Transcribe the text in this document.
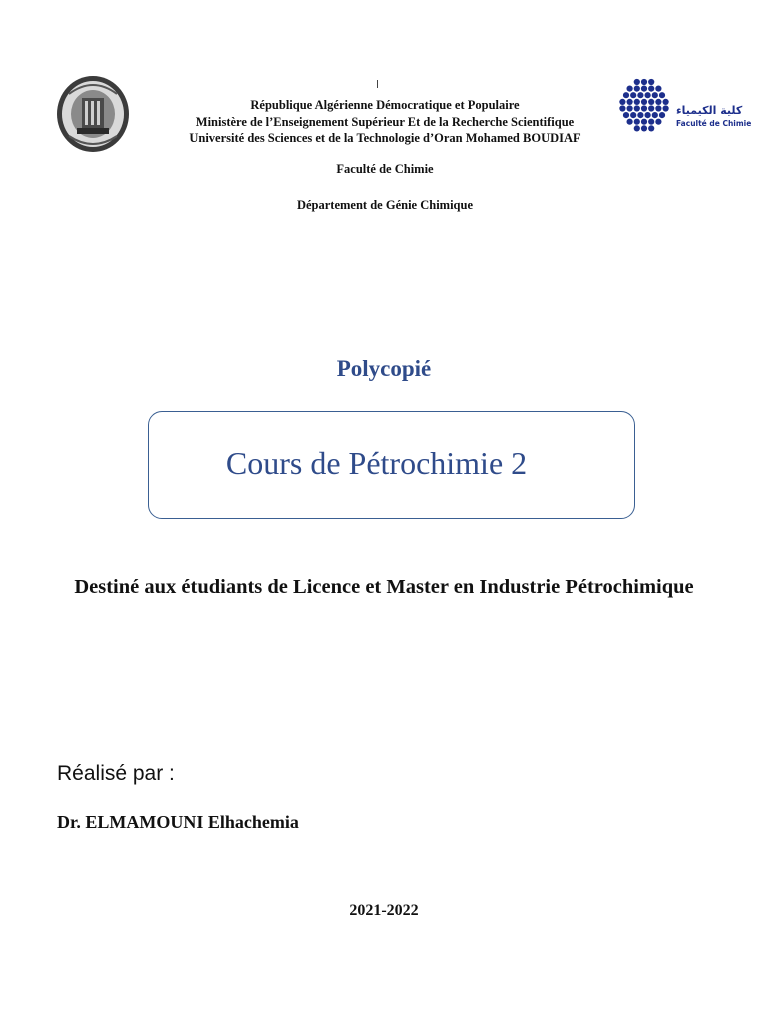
كلية الكيمياء
Faculté de Chimie
République Algérienne Démocratique et Populaire
Ministère de l’Enseignement Supérieur Et de la Recherche Scientifique
Université des Sciences et de la Technologie d’Oran Mohamed BOUDIAF
Faculté de Chimie
Département de Génie Chimique
Polycopié
Cours de Pétrochimie 2
Destiné aux étudiants de Licence et Master en Industrie Pétrochimique
Réalisé par :
Dr. ELMAMOUNI Elhachemia
2021-2022
